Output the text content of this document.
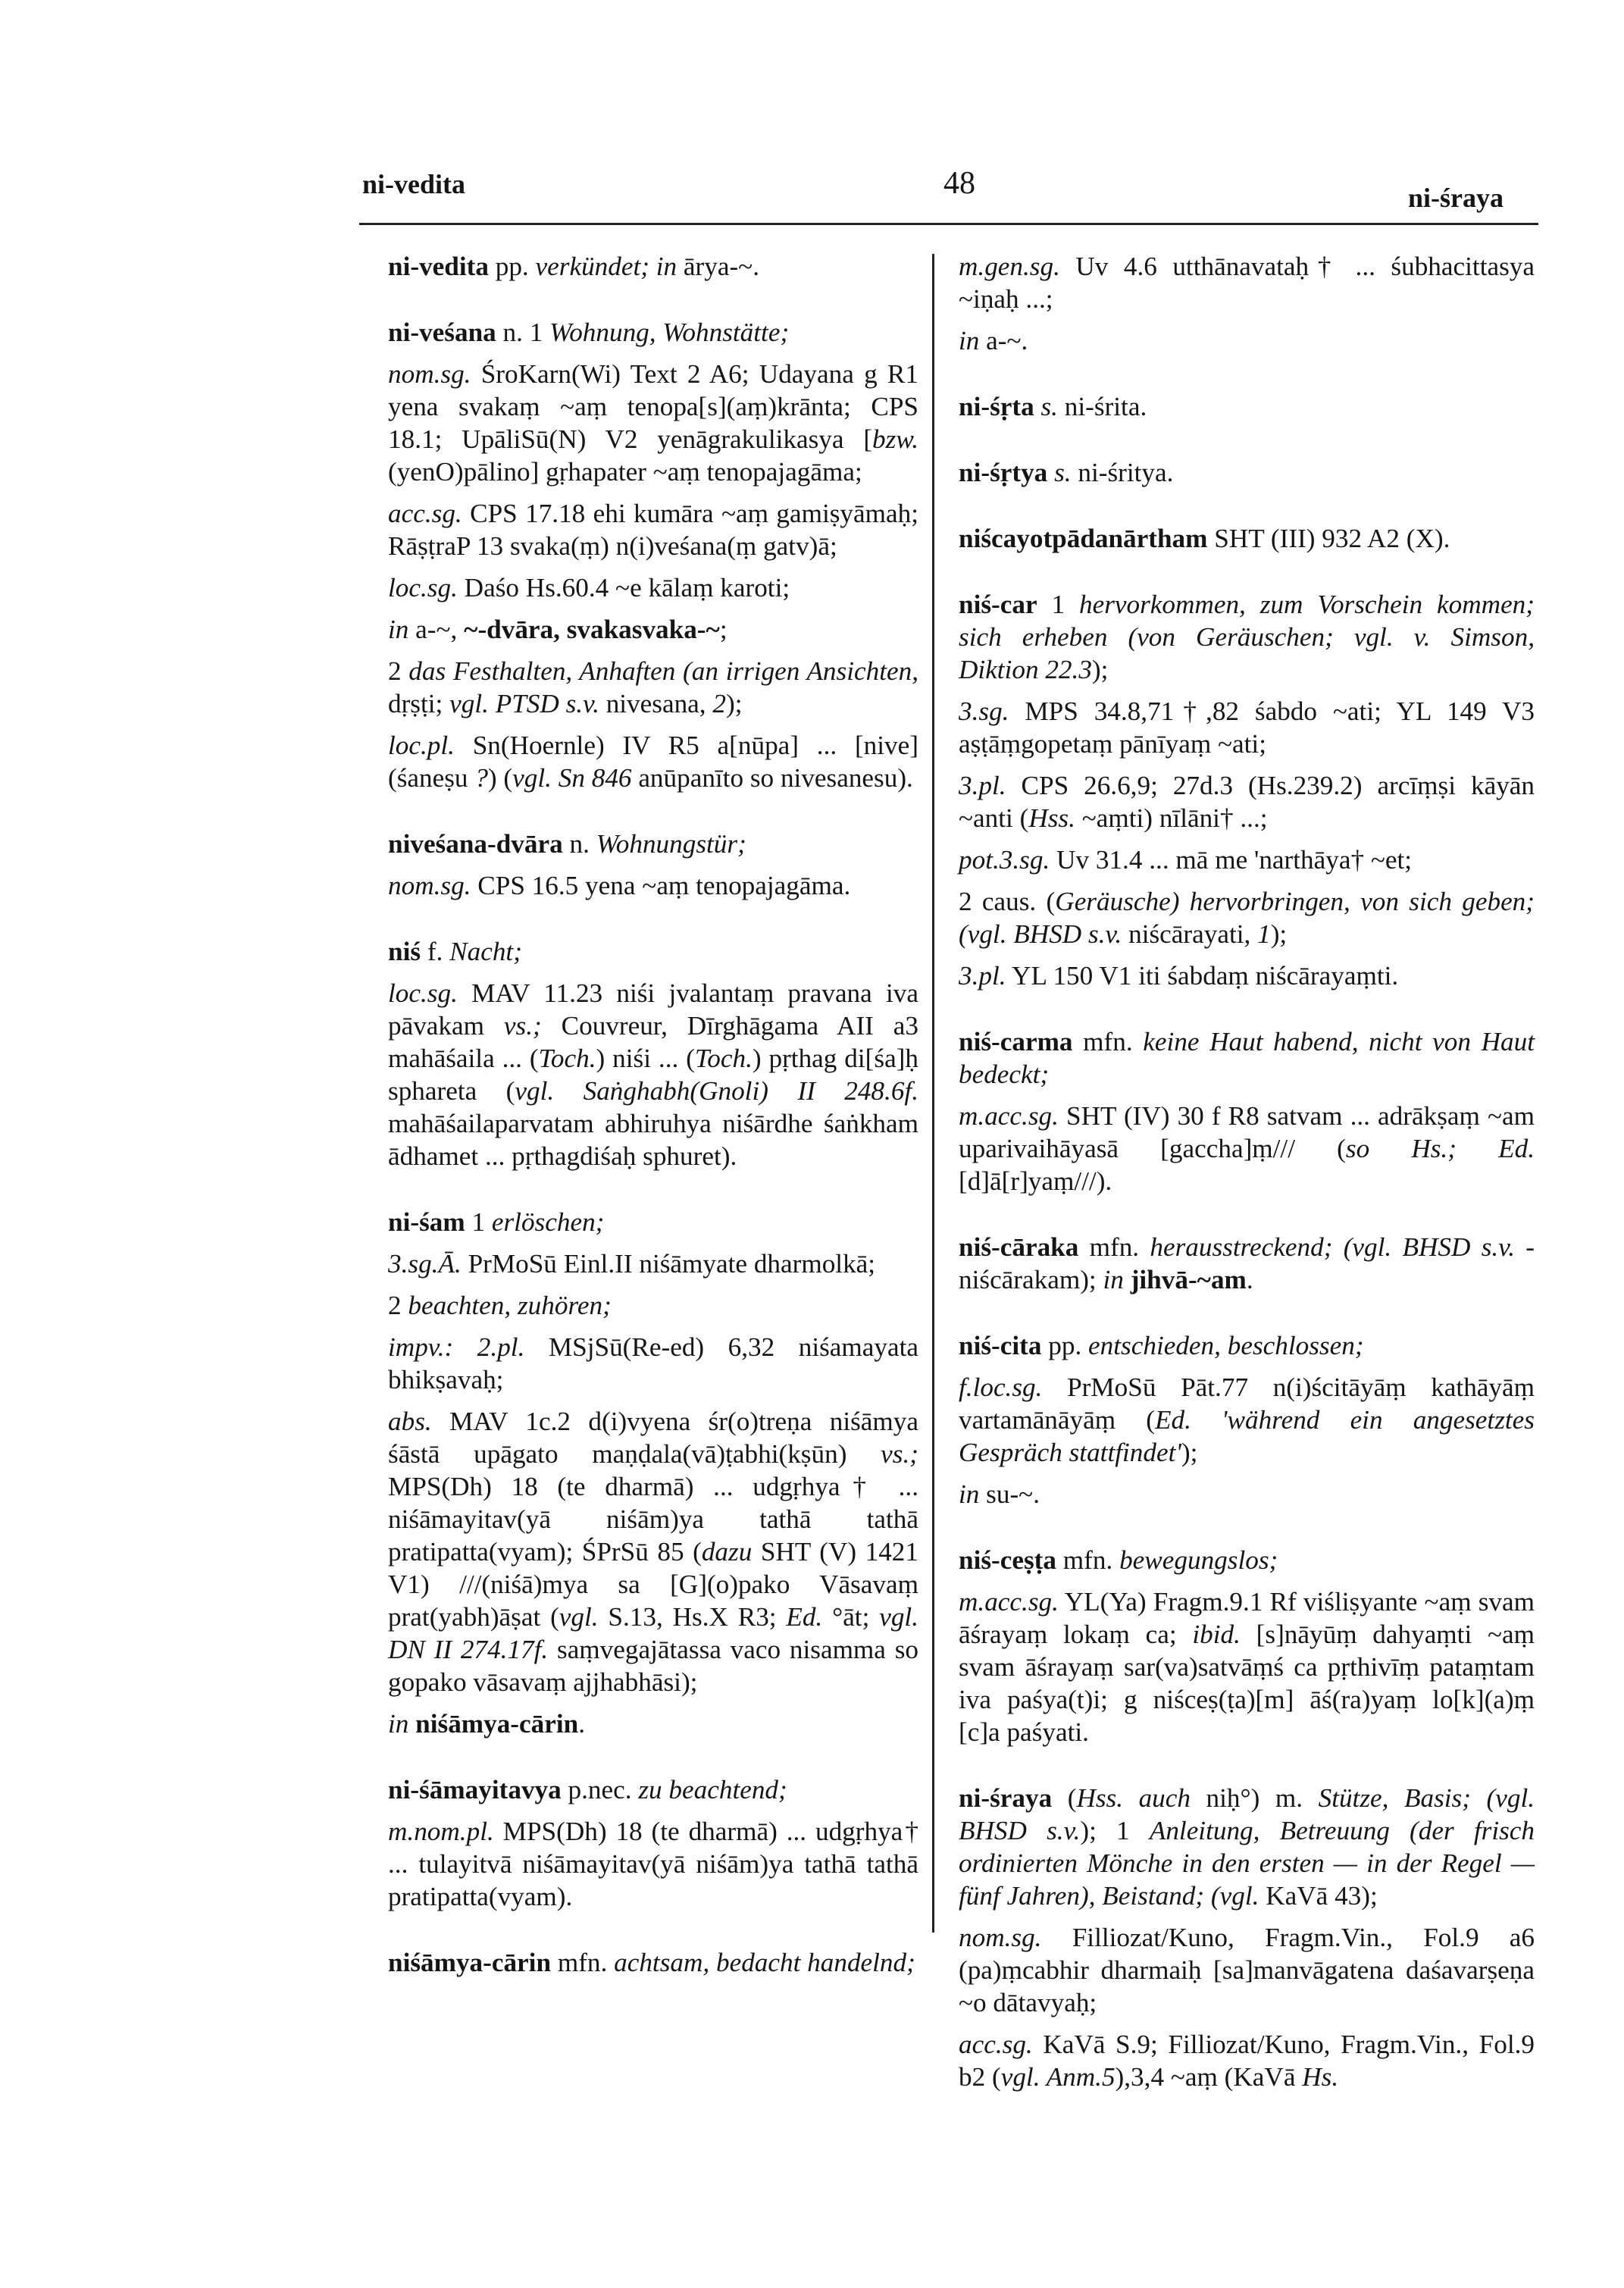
ni-vedita	48	ni-śraya
ni-vedita pp. verkündet; in ārya-~.
ni-veśana n. 1 Wohnung, Wohnstätte;
nom.sg. ŚroKarn(Wi) Text 2 A6; Udayana g R1 yena svakaṃ ~aṃ tenopa[s](aṃ)krānta; CPS 18.1; UpāliSū(N) V2 yenāgrakulikasya [bzw. (yenO)pālino] gṛhapater ~aṃ tenopajagāma;
acc.sg. CPS 17.18 ehi kumāra ~aṃ gamiṣyāmaḥ; RāṣṭraP 13 svaka(ṃ) n(i)veśana(ṃ gatv)ā;
loc.sg. Daśo Hs.60.4 ~e kālaṃ karoti;
in a-~, ~-dvāra, svakasvaka-~;
2 das Festhalten, Anhaften (an irrigen Ansichten, dṛṣṭi; vgl. PTSD s.v. nivesana, 2);
loc.pl. Sn(Hoernle) IV R5 a[nūpa] ... [nive](śaneṣu ?) (vgl. Sn 846 anūpanīto so nivesanesu).
niveśana-dvāra n. Wohnungstür;
nom.sg. CPS 16.5 yena ~aṃ tenopajagāma.
niś f. Nacht;
loc.sg. MAV 11.23 niśi jvalantaṃ pravana iva pāvakam vs.; Couvreur, Dīrghāgama AII a3 mahāśaila ... (Toch.) niśi ... (Toch.) pṛthag di[śa]ḥ sphareta (vgl. Saṅghabh(Gnoli) II 248.6f. mahāśailaparvatam abhiruhya niśārdhe śaṅkham ādhamet ... pṛthagdiśaḥ sphuret).
ni-śam 1 erlöschen;
3.sg.Ā. PrMoSū Einl.II niśāmyate dharmolkā;
2 beachten, zuhören;
impv.: 2.pl. MSjSū(Re-ed) 6,32 niśamayata bhikṣavaḥ;
abs. MAV 1c.2 d(i)vyena śr(o)treṇa niśāmya śāstā upāgato maṇḍala(vā)ṭabhi(kṣūn) vs.; MPS(Dh) 18 (te dharmā) ... udgṛhya† ... niśāmayitav(yā niśām)ya tathā tathā pratipatta(vyam); ŚPrSū 85 (dazu SHT (V) 1421 V1) ///(niśā)mya sa [G](o)pako Vāsavaṃ prat(yabh)āṣat (vgl. S.13, Hs.X R3; Ed. °āt; vgl. DN II 274.17f. saṃvegajātassa vaco nisamma so gopako vāsavaṃ ajjhabhāsi);
in niśāmya-cārin.
ni-śāmayitavya p.nec. zu beachtend;
m.nom.pl. MPS(Dh) 18 (te dharmā) ... udgṛhya† ... tulayitvā niśāmayitav(yā niśām)ya tathā tathā pratipatta(vyam).
niśāmya-cārin mfn. achtsam, bedacht handelnd;
m.gen.sg. Uv 4.6 utthānavataḥ† ... śubhacittasya ~iṇaḥ ...;
in a-~.
ni-śṛta s. ni-śrita.
ni-śṛtya s. ni-śritya.
niścayotpādanārtham SHT (III) 932 A2 (X).
niś-car 1 hervorkommen, zum Vorschein kommen; sich erheben (von Geräuschen; vgl. v. Simson, Diktion 22.3);
3.sg. MPS 34.8,71†,82 śabdo ~ati; YL 149 V3 aṣṭāṃgopetaṃ pānīyaṃ ~ati;
3.pl. CPS 26.6,9; 27d.3 (Hs.239.2) arcīṃṣi kāyān ~anti (Hss. ~aṃti) nīlāni† ...;
pot.3.sg. Uv 31.4 ... mā me 'narthāya† ~et;
2 caus. (Geräusche) hervorbringen, von sich geben; (vgl. BHSD s.v. niścārayati, 1);
3.pl. YL 150 V1 iti śabdaṃ niścārayaṃti.
niś-carma mfn. keine Haut habend, nicht von Haut bedeckt;
m.acc.sg. SHT (IV) 30 f R8 satvam ... adrākṣaṃ ~am uparivaihāyasā [gaccha]ṃ/// (so Hs.; Ed. [d]ā[r]yaṃ///).
niś-cāraka mfn. herausstreckend; (vgl. BHSD s.v. -niścārakam); in jihvā-~am.
niś-cita pp. entschieden, beschlossen;
f.loc.sg. PrMoSū Pāt.77 n(i)ścitāyāṃ kathāyāṃ vartamānāyāṃ (Ed. 'während ein angesetztes Gespräch stattfindet');
in su-~.
niś-ceṣṭa mfn. bewegungslos;
m.acc.sg. YL(Ya) Fragm.9.1 Rf viśliṣyante ~aṃ svam āśrayaṃ lokaṃ ca; ibid. [s]nāyūṃ dahyaṃti ~aṃ svam āśrayaṃ sar(va)satvāṃś ca pṛthivīṃ pataṃtam iva paśya(t)i; g niśceṣ(ṭa)[m] āś(ra)yaṃ lo[k](a)ṃ [c]a paśyati.
ni-śraya (Hss. auch niḥ°) m. Stütze, Basis; (vgl. BHSD s.v.); 1 Anleitung, Betreuung (der frisch ordinierten Mönche in den ersten — in der Regel — fünf Jahren), Beistand; (vgl. KaVā 43);
nom.sg. Filliozat/Kuno, Fragm.Vin., Fol.9 a6 (pa)ṃcabhir dharmaiḥ [sa]manvāgatena daśavarṣeṇa ~o dātavyaḥ;
acc.sg. KaVā S.9; Filliozat/Kuno, Fragm.Vin., Fol.9 b2 (vgl. Anm.5),3,4 ~aṃ (KaVā Hs.
